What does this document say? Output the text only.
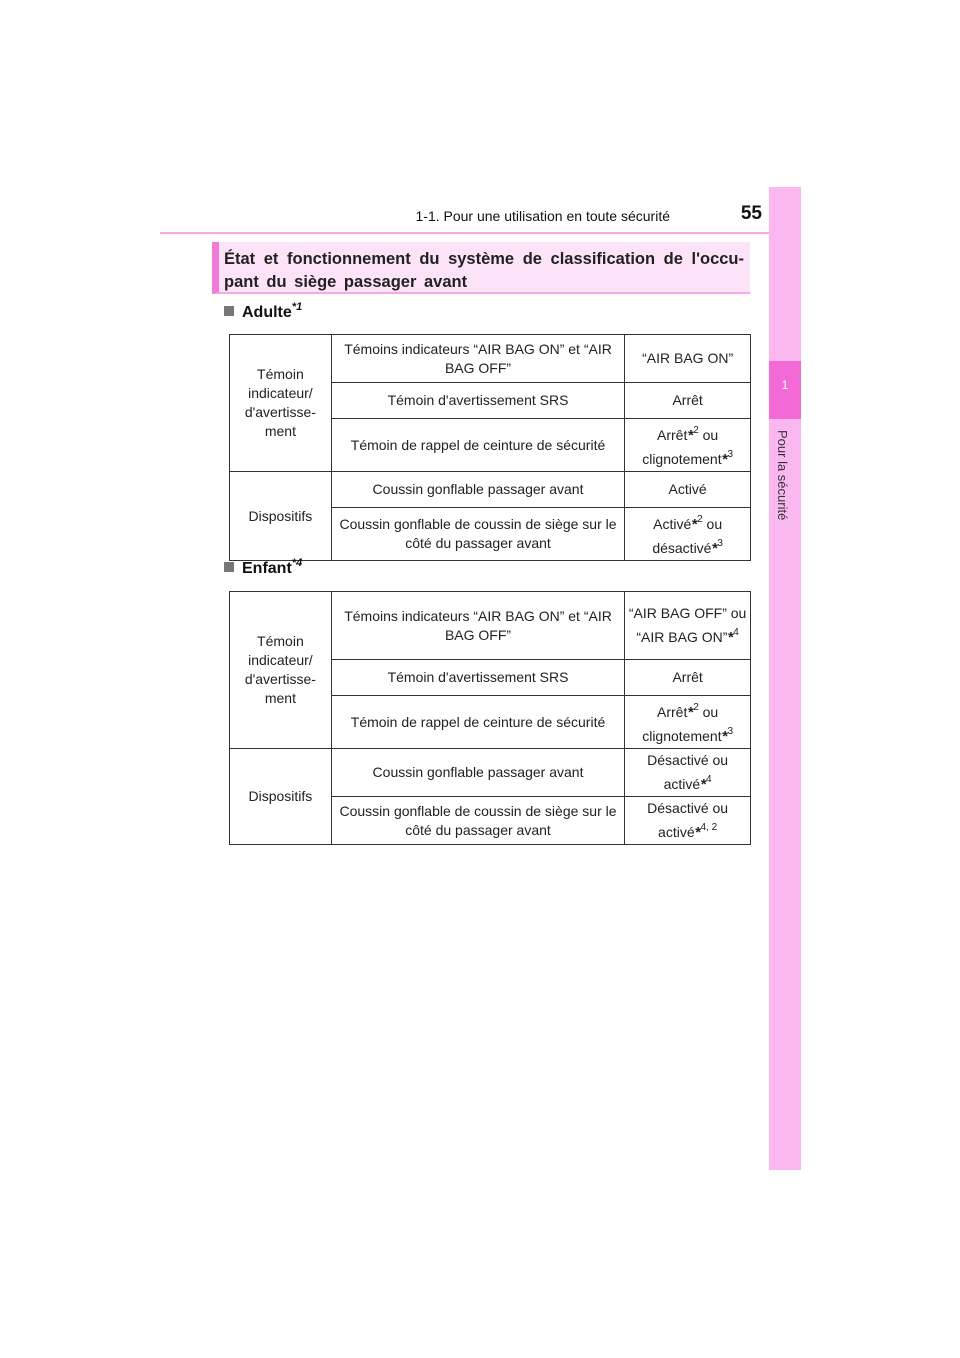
1-1. Pour une utilisation en toute sécurité	55
1
Pour la sécurité
État et fonctionnement du système de classification de l'occu-pant du siège passager avant
Adulte$^{*1}$
Témoin indicateur/ d'avertisse-ment	Témoins indicateurs “AIR BAG ON” et “AIR BAG OFF”	“AIR BAG ON”
	Témoin d'avertissement SRS	Arrêt
	Témoin de rappel de ceinture de sécurité	Arrêt*$^2$ ou clignotement*$^3$
Dispositifs	Coussin gonflable passager avant	Activé
	Coussin gonflable de coussin de siège sur le côté du passager avant	Activé*$^2$ ou désactivé*$^3$
Enfant$^{*4}$
Témoin indicateur/ d'avertisse-ment	Témoins indicateurs “AIR BAG ON” et “AIR BAG OFF”	“AIR BAG OFF” ou “AIR BAG ON”*$^4$
	Témoin d'avertissement SRS	Arrêt
	Témoin de rappel de ceinture de sécurité	Arrêt*$^2$ ou clignotement*$^3$
Dispositifs	Coussin gonflable passager avant	Désactivé ou activé*$^4$
	Coussin gonflable de coussin de siège sur le côté du passager avant	Désactivé ou activé*$^{4, 2}$
